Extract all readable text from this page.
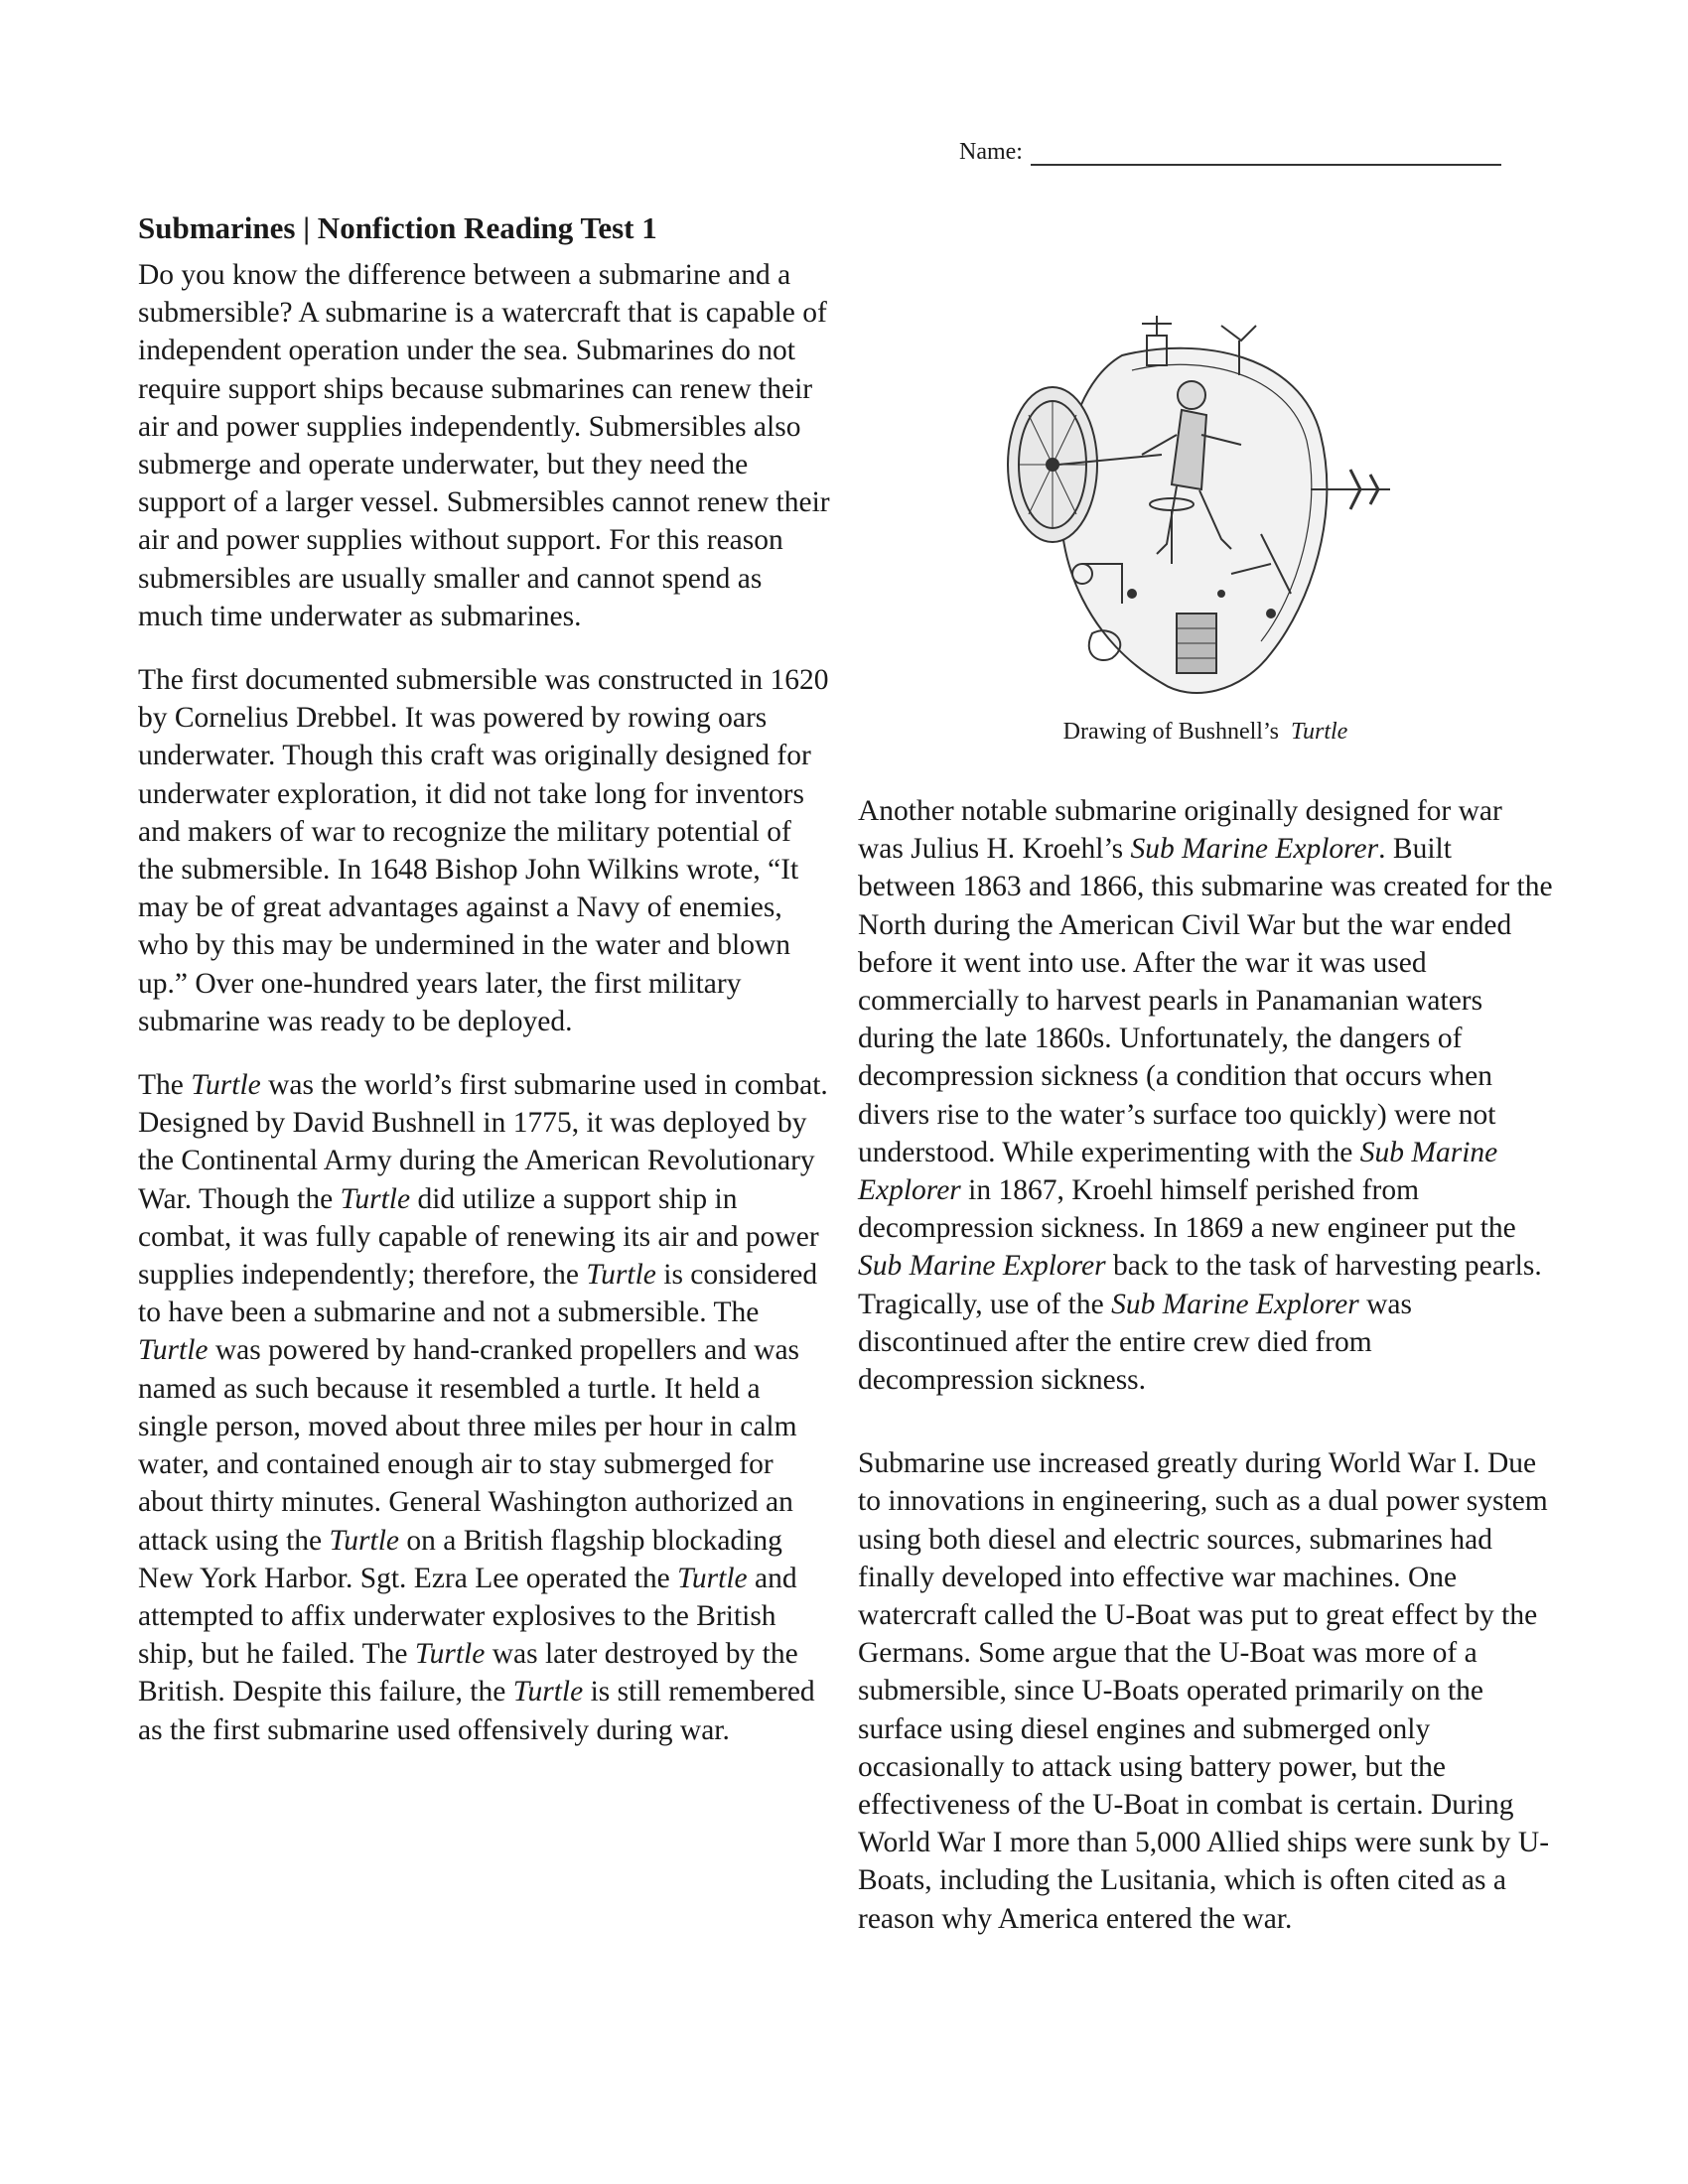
Name:
Submarines | Nonfiction Reading Test 1

Do you know the difference between a submarine and a submersible? A submarine is a watercraft that is capable of independent operation under the sea. Submarines do not require support ships because submarines can renew their air and power supplies independently. Submersibles also submerge and operate underwater, but they need the support of a larger vessel. Submersibles cannot renew their air and power supplies without support. For this reason submersibles are usually smaller and cannot spend as much time underwater as submarines.

The first documented submersible was constructed in 1620 by Cornelius Drebbel. It was powered by rowing oars underwater. Though this craft was originally designed for underwater exploration, it did not take long for inventors and makers of war to recognize the military potential of the submersible. In 1648 Bishop John Wilkins wrote, “It may be of great advantages against a Navy of enemies, who by this may be undermined in the water and blown up.” Over one-hundred years later, the first military submarine was ready to be deployed.

The Turtle was the world’s first submarine used in combat. Designed by David Bushnell in 1775, it was deployed by the Continental Army during the American Revolutionary War. Though the Turtle did utilize a support ship in combat, it was fully capable of renewing its air and power supplies independently; therefore, the Turtle is considered to have been a submarine and not a submersible. The Turtle was powered by hand-cranked propellers and was named as such because it resembled a turtle. It held a single person, moved about three miles per hour in calm water, and contained enough air to stay submerged for about thirty minutes. General Washington authorized an attack using the Turtle on a British flagship blockading New York Harbor. Sgt. Ezra Lee operated the Turtle and attempted to affix underwater explosives to the British ship, but he failed. The Turtle was later destroyed by the British. Despite this failure, the Turtle is still remembered as the first submarine used offensively during war.

Drawing of Bushnell’s Turtle

Another notable submarine originally designed for war was Julius H. Kroehl’s Sub Marine Explorer. Built between 1863 and 1866, this submarine was created for the North during the American Civil War but the war ended before it went into use. After the war it was used commercially to harvest pearls in Panamanian waters during the late 1860s. Unfortunately, the dangers of decompression sickness (a condition that occurs when divers rise to the water’s surface too quickly) were not understood. While experimenting with the Sub Marine Explorer in 1867, Kroehl himself perished from decompression sickness. In 1869 a new engineer put the Sub Marine Explorer back to the task of harvesting pearls. Tragically, use of the Sub Marine Explorer was discontinued after the entire crew died from decompression sickness.

Submarine use increased greatly during World War I. Due to innovations in engineering, such as a dual power system using both diesel and electric sources, submarines had finally developed into effective war machines. One watercraft called the U-Boat was put to great effect by the Germans. Some argue that the U-Boat was more of a submersible, since U-Boats operated primarily on the surface using diesel engines and submerged only occasionally to attack using battery power, but the effectiveness of the U-Boat in combat is certain. During World War I more than 5,000 Allied ships were sunk by U-Boats, including the Lusitania, which is often cited as a reason why America entered the war.
